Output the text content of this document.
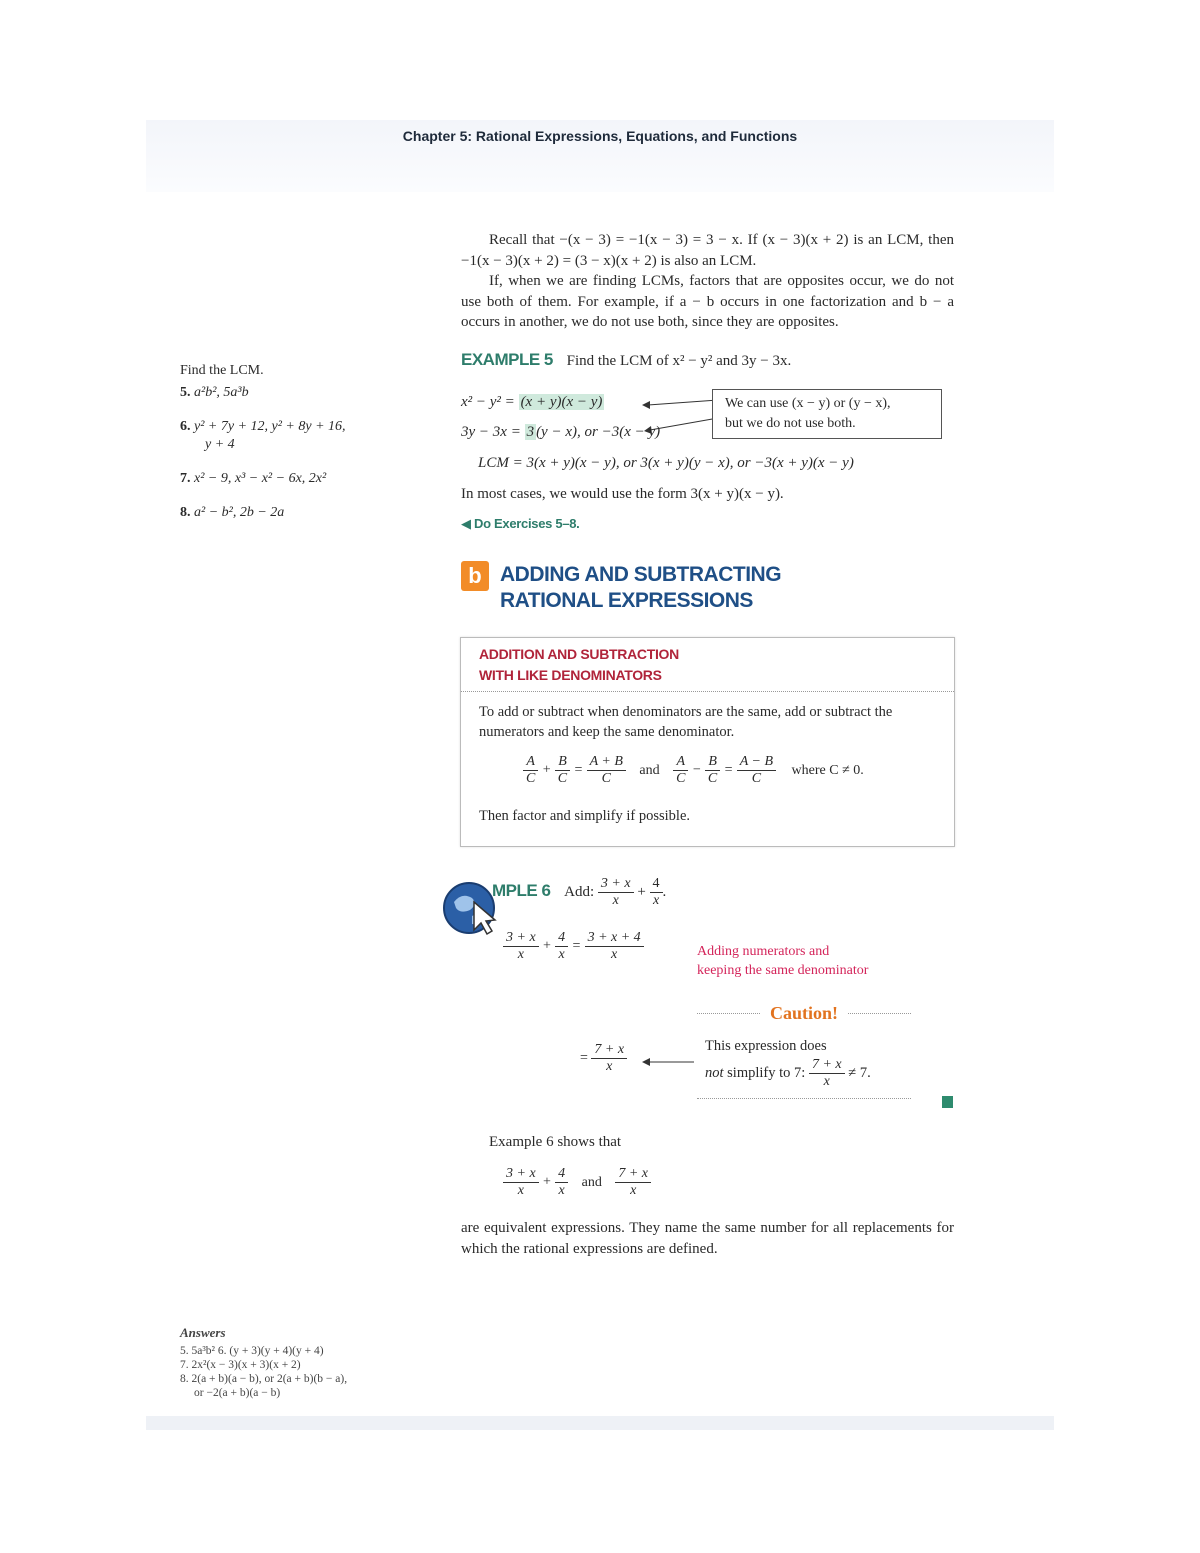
Chapter 5: Rational Expressions, Equations, and Functions
Recall that −(x − 3) = −1(x − 3) = 3 − x. If (x − 3)(x + 2) is an LCM, then −1(x − 3)(x + 2) = (3 − x)(x + 2) is also an LCM.
If, when we are finding LCMs, factors that are opposites occur, we do not use both of them. For example, if a − b occurs in one factorization and b − a occurs in another, we do not use both, since they are opposites.
Find the LCM.
5. a²b², 5a³b
6. y² + 7y + 12, y² + 8y + 16,
y + 4
7. x² − 9, x³ − x² − 6x, 2x²
8. a² − b², 2b − 2a
EXAMPLE 5 Find the LCM of x² − y² and 3y − 3x.
x² − y² = (x + y)(x − y)
3y − 3x = 3 (y − x), or −3(x − y)
We can use (x − y) or (y − x),
but we do not use both.
LCM = 3(x + y)(x − y), or 3(x + y)(y − x), or −3(x + y)(x − y)
In most cases, we would use the form 3(x + y)(x − y).
◀ Do Exercises 5–8.
b ADDING AND SUBTRACTING
RATIONAL EXPRESSIONS
ADDITION AND SUBTRACTION
WITH LIKE DENOMINATORS
To add or subtract when denominators are the same, add or subtract the numerators and keep the same denominator.
$\frac{A}{C} + \frac{B}{C} = \frac{A + B}{C}$ and $\frac{A}{C} - \frac{B}{C} = \frac{A - B}{C}$ where C ≠ 0.
Then factor and simplify if possible.
MPLE 6 Add: $\frac{3 + x}{x} + \frac{4}{x}$ .
$\frac{3 + x}{x} + \frac{4}{x} = \frac{3 + x + 4}{x}$	Adding numerators and
keeping the same denominator
Caution!
This expression does
not simplify to 7: $\frac{7 + x}{x} \ne 7$.
= $\frac{7 + x}{x}$
Example 6 shows that
$\frac{3 + x}{x} + \frac{4}{x}$ and $\frac{7 + x}{x}$
are equivalent expressions. They name the same number for all replacements for which the rational expressions are defined.
Answers
5. 5a³b² 6. (y + 3)(y + 4)(y + 4)
7. 2x²(x − 3)(x + 3)(x + 2)
8. 2(a + b)(a − b), or 2(a + b)(b − a),
or −2(a + b)(a − b)
